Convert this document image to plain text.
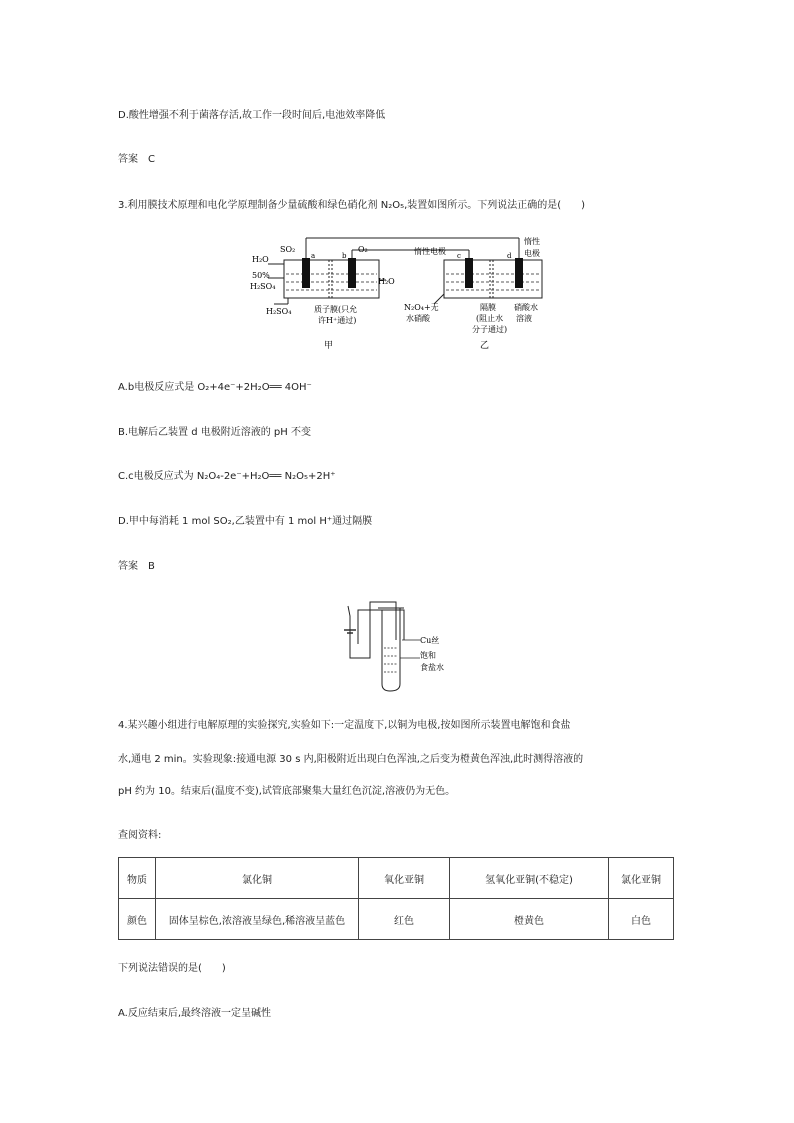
D.酸性增强不利于菌落存活,故工作一段时间后,电池效率降低
答案　C
3.利用膜技术原理和电化学原理制备少量硫酸和绿色硝化剂 N₂O₅,装置如图所示。下列说法正确的是(　　)
H₂O
SO₂
a	b
O₂
50%
H₂SO₄
H₂SO₄
H₂O
质子膜(只允
许H⁺通过)
甲
惰性电极 c	d
惰性
电极
N₂O₄+无
水硝酸
隔膜
(阻止水
分子通过)
硝酸水
溶液
乙
A.b电极反应式是 O₂+4e⁻+2H₂O══ 4OH⁻
B.电解后乙装置 d 电极附近溶液的 pH 不变
C.c电极反应式为 N₂O₄-2e⁻+H₂O══ N₂O₅+2H⁺
D.甲中每消耗 1 mol SO₂,乙装置中有 1 mol H⁺通过隔膜
答案　B
Cu丝
饱和
食盐水
4.某兴趣小组进行电解原理的实验探究,实验如下:一定温度下,以铜为电极,按如图所示装置电解饱和食盐
水,通电 2 min。实验现象:接通电源 30 s 内,阳极附近出现白色浑浊,之后变为橙黄色浑浊,此时测得溶液的
pH 约为 10。结束后(温度不变),试管底部聚集大量红色沉淀,溶液仍为无色。
查阅资料:
物质	氯化铜	氧化亚铜	氢氧化亚铜(不稳定)	氯化亚铜
颜色	固体呈棕色,浓溶液呈绿色,稀溶液呈蓝色	红色	橙黄色	白色
下列说法错误的是(　　)
A.反应结束后,最终溶液一定呈碱性
